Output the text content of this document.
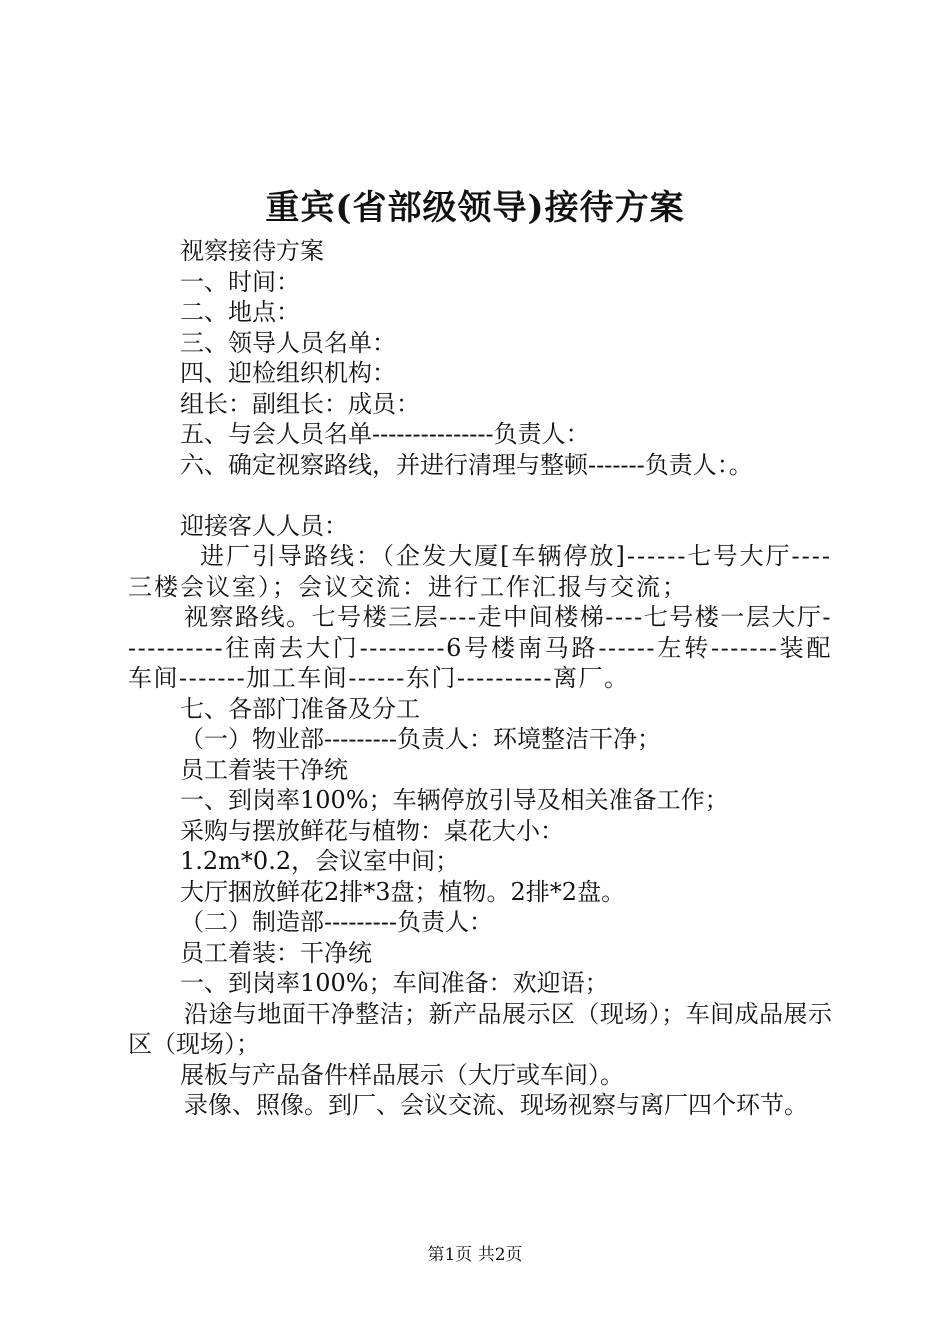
重宾(省部级领导)接待方案
视察接待方案
一、时间：
二、地点：
三、领导人员名单：
四、迎检组织机构：
组长：副组长：成员：
五、与会人员名单---------------负责人：
六、确定视察路线，并进行清理与整顿-------负责人：。
迎接客人人员：
进厂引导路线：（企发大厦[车辆停放]------七号大厅----三楼会议室）；会议交流：进行工作汇报与交流；
视察路线。七号楼三层----走中间楼梯----七号楼一层大厅-----------往南去大门---------6号楼南马路------左转-------装配车间-------加工车间------东门----------离厂。
七、各部门准备及分工
（一）物业部---------负责人：环境整洁干净；
员工着装干净统
一、到岗率100%；车辆停放引导及相关准备工作；
采购与摆放鲜花与植物：桌花大小：
1.2m*0.2，会议室中间；
大厅捆放鲜花2排*3盘；植物。2排*2盘。
（二）制造部---------负责人：
员工着装：干净统
一、到岗率100%；车间准备：欢迎语；
沿途与地面干净整洁；新产品展示区（现场）；车间成品展示区（现场）；
展板与产品备件样品展示（大厅或车间）。
录像、照像。到厂、会议交流、现场视察与离厂四个环节。
第1页 共2页
